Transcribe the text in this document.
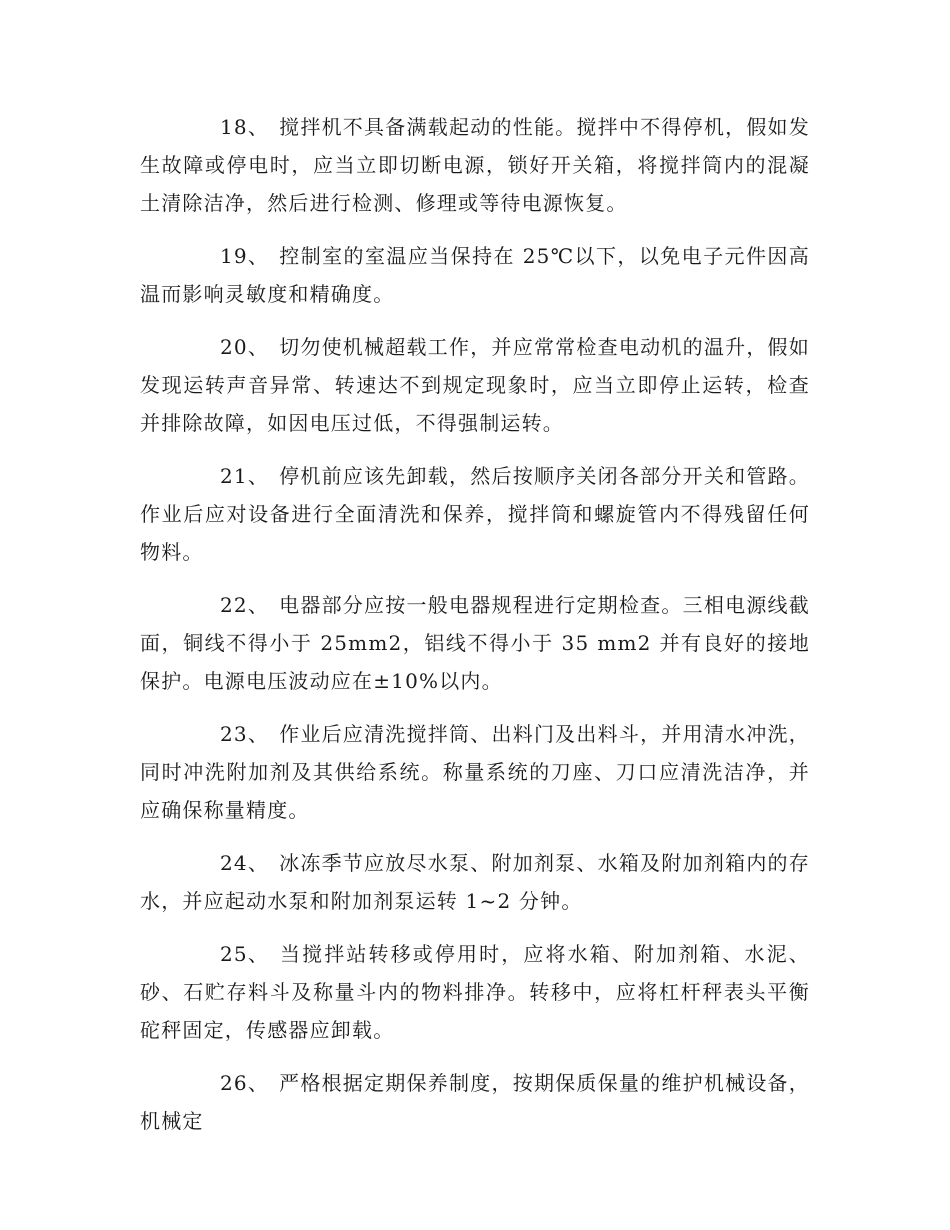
18、 搅拌机不具备满载起动的性能。搅拌中不得停机，假如发生故障或停电时，应当立即切断电源，锁好开关箱，将搅拌筒内的混凝土清除洁净，然后进行检测、修理或等待电源恢复。

19、 控制室的室温应当保持在 25℃以下，以免电子元件因高温而影响灵敏度和精确度。

20、 切勿使机械超载工作，并应常常检查电动机的温升，假如发现运转声音异常、转速达不到规定现象时，应当立即停止运转，检查并排除故障，如因电压过低，不得强制运转。

21、 停机前应该先卸载，然后按顺序关闭各部分开关和管路。作业后应对设备进行全面清洗和保养，搅拌筒和螺旋管内不得残留任何物料。

22、 电器部分应按一般电器规程进行定期检查。三相电源线截面，铜线不得小于 25mm2，铝线不得小于 35 mm2 并有良好的接地保护。电源电压波动应在±10%以内。

23、 作业后应清洗搅拌筒、出料门及出料斗，并用清水冲洗，同时冲洗附加剂及其供给系统。称量系统的刀座、刀口应清洗洁净，并应确保称量精度。

24、 冰冻季节应放尽水泵、附加剂泵、水箱及附加剂箱内的存水，并应起动水泵和附加剂泵运转 1~2 分钟。

25、 当搅拌站转移或停用时，应将水箱、附加剂箱、水泥、砂、石贮存料斗及称量斗内的物料排净。转移中，应将杠杆秤表头平衡砣秤固定，传感器应卸载。

26、 严格根据定期保养制度，按期保质保量的维护机械设备，机械定
